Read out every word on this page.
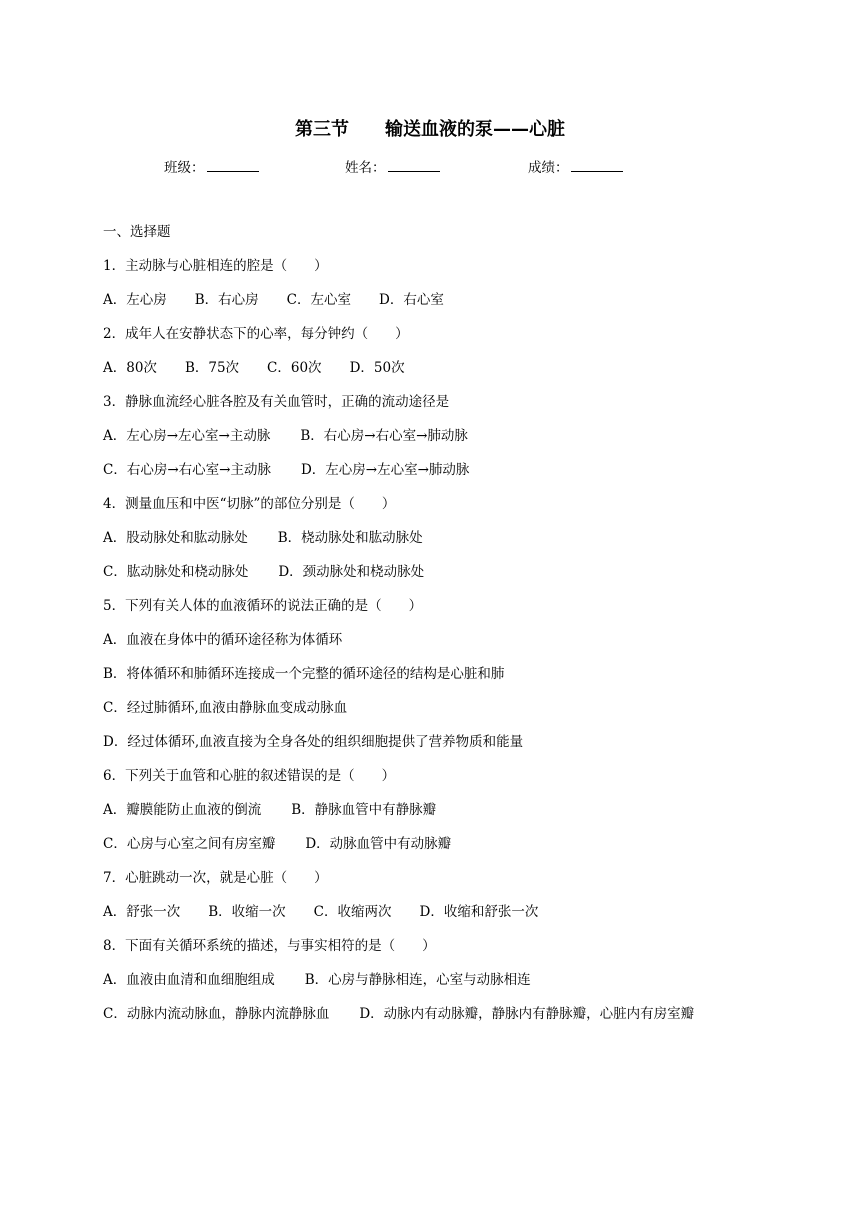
第三节　　输送血液的泵——心脏
班级：	姓名：	成绩：
一、选择题
1．主动脉与心脏相连的腔是（　　）
A．左心房 B．右心房 C．左心室 D．右心室
2．成年人在安静状态下的心率，每分钟约（　　）
A．80次 B．75次 C．60次 D．50次
3．静脉血流经心脏各腔及有关血管时，正确的流动途径是
A．左心房→左心室→主动脉 B．右心房→右心室→肺动脉
C．右心房→右心室→主动脉 D．左心房→左心室→肺动脉
4．测量血压和中医“切脉”的部位分别是（　　）
A．股动脉处和肱动脉处 B．桡动脉处和肱动脉处
C．肱动脉处和桡动脉处 D．颈动脉处和桡动脉处
5．下列有关人体的血液循环的说法正确的是（　　）
A．血液在身体中的循环途径称为体循环
B．将体循环和肺循环连接成一个完整的循环途径的结构是心脏和肺
C．经过肺循环,血液由静脉血变成动脉血
D．经过体循环,血液直接为全身各处的组织细胞提供了营养物质和能量
6．下列关于血管和心脏的叙述错误的是（　　）
A．瓣膜能防止血液的倒流 B．静脉血管中有静脉瓣
C．心房与心室之间有房室瓣 D．动脉血管中有动脉瓣
7．心脏跳动一次，就是心脏（　　）
A．舒张一次 B．收缩一次 C．收缩两次 D．收缩和舒张一次
8．下面有关循环系统的描述，与事实相符的是（　　）
A．血液由血清和血细胞组成 B．心房与静脉相连，心室与动脉相连
C．动脉内流动脉血，静脉内流静脉血 D．动脉内有动脉瓣，静脉内有静脉瓣，心脏内有房室瓣
